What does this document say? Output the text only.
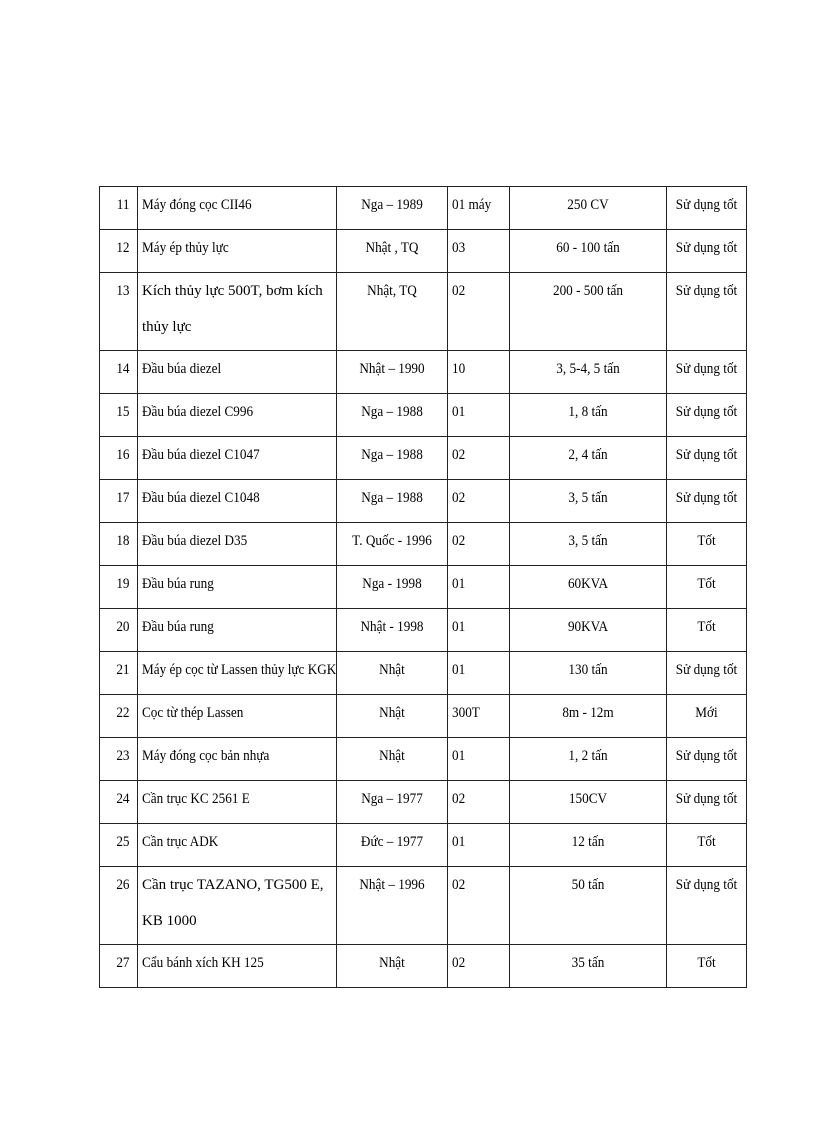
11	Máy đóng cọc CII46	Nga – 1989	01 máy	250 CV	Sử dụng tốt

12	Máy ép thủy lực	Nhật , TQ	03	60 - 100 tấn	Sử dụng tốt

13	Kích thủy lực 500T, bơm kích thủy lực	Nhật, TQ	02	200 - 500 tấn	Sử dụng tốt

14	Đầu búa diezel	Nhật – 1990	10	3, 5-4, 5 tấn	Sử dụng tốt

15	Đầu búa diezel C996	Nga – 1988	01	1, 8 tấn	Sử dụng tốt

16	Đầu búa diezel C1047	Nga – 1988	02	2, 4 tấn	Sử dụng tốt

17	Đầu búa diezel C1048	Nga – 1988	02	3, 5 tấn	Sử dụng tốt

18	Đầu búa diezel D35	T. Quốc - 1996	02	3, 5 tấn	Tốt

19	Đầu búa rung	Nga - 1998	01	60KVA	Tốt

20	Đầu búa rung	Nhật - 1998	01	90KVA	Tốt

21	Máy ép cọc từ Lassen thủy lực KGK	Nhật	01	130 tấn	Sử dụng tốt

22	Cọc từ thép Lassen	Nhật	300T	8m - 12m	Mới

23	Máy đóng cọc bản nhựa	Nhật	01	1, 2 tấn	Sử dụng tốt

24	Cần trục KC 2561 E	Nga – 1977	02	150CV	Sử dụng tốt

25	Cần trục ADK	Đức – 1977	01	12 tấn	Tốt

26	Cần trục TAZANO, TG500 E, KB 1000	Nhật – 1996	02	50 tấn	Sử dụng tốt

27	Cẩu bánh xích KH 125	Nhật	02	35 tấn	Tốt
